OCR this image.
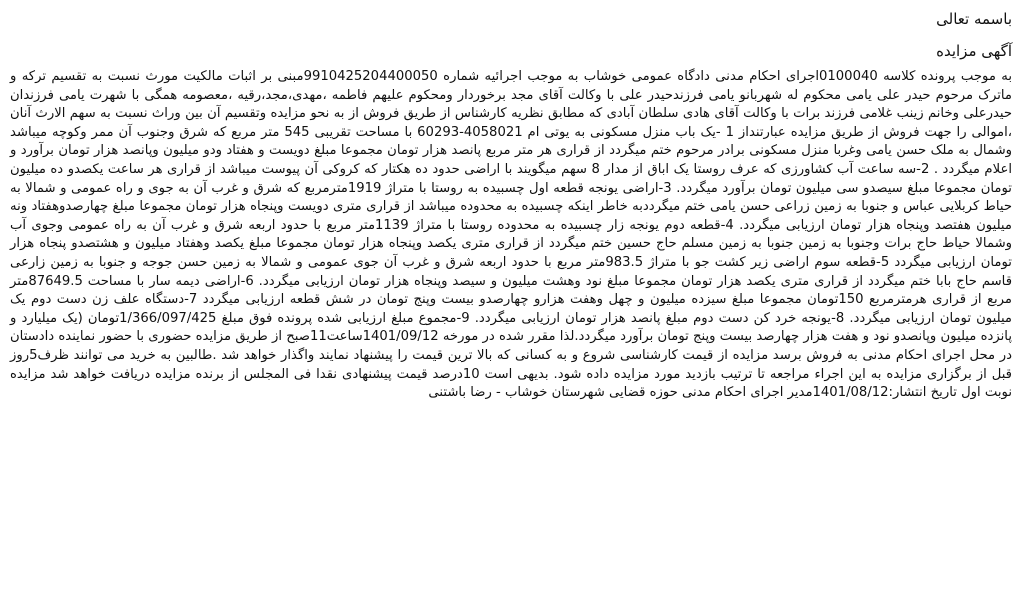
باسمه تعالی

آگهی مزایده

به موجب پرونده کلاسه 0100040اجرای احکام مدنی دادگاه عمومی خوشاب به موجب اجرائیه شماره 9910425204400050مبنی بر اثبات مالکیت مورث نسبت به تقسیم ترکه و ماترک مرحوم حیدر علی یامی محکوم له شهربانو یامی فرزندحیدر علی با وکالت آقای مجد برخوردار ومحکوم علیهم فاطمه ،مهدی،مجد،رقیه ،معصومه همگی با شهرت یامی فرزندان حیدرعلی وخانم زینب غلامی فرزند برات با وکالت آقای هادی سلطان آبادی که مطابق نظریه کارشناس از طریق فروش از به نحو مزایده وتقسیم آن بین وراث نسبت به سهم الارث آنان ،اموالی را جهت فروش از طریق مزایده عبارتنداز 1 -یک باب منزل مسکونی به یوتی ام 4058021-60293 با مساحت تقریبی 545 متر مربع که شرق وجنوب آن ممر وکوچه میباشد وشمال به ملک حسن یامی وغربا منزل مسکونی برادر مرحوم ختم میگردد از قراری هر متر مربع پانصد هزار تومان مجموعا مبلغ دویست و هفتاد ودو میلیون وپانصد هزار تومان برآورد و اعلام میگردد . 2-سه ساعت آب کشاورزی که عرف روستا یک اباق از مدار 8 سهم میگویند با اراضی حدود ده هکتار که کروکی آن پیوست میباشد از قراری هر ساعت یکصدو ده میلیون تومان مجموعا مبلغ سیصدو سی میلیون تومان برآورد میگردد. 3-اراضی یونجه قطعه اول چسبیده به روستا با متراژ 1919مترمربع که شرق و غرب آن به جوی و راه عمومی و شمالا به حیاط کربلایی عباس و جنوبا به زمین زراعی حسن یامی ختم میگرددبه خاطر اینکه چسبیده به محدوده میباشد از قراری متری دویست وپنجاه هزار تومان مجموعا مبلغ چهارصدوهفتاد ونه میلیون هفتصد وپنجاه هزار تومان ارزیابی میگردد. 4-قطعه دوم یونجه زار چسبیده به محدوده روستا با متراژ 1139متر مربع با حدود اربعه شرق و غرب آن به راه عمومی وجوی آب وشمالا حیاط حاج برات وجنوبا به زمین جنوبا به زمین مسلم حاج حسین ختم میگردد از قراری متری یکصد وپنجاه هزار تومان مجموعا مبلغ یکصد وهفتاد میلیون و هشتصدو پنجاه هزار تومان ارزیابی میگردد 5-قطعه سوم اراضی زیر کشت جو با متراژ 983.5متر مربع با حدود اربعه شرق و غرب آن جوی عمومی و شمالا به زمین حسن جوجه و جنوبا به زمین زارعی قاسم حاج بابا ختم میگردد از قراری متری یکصد هزار تومان مجموعا مبلغ نود وهشت میلیون و سیصد وپنجاه هزار تومان ارزیابی میگردد. 6-اراضی دیمه سار با مساحت 87649.5متر مربع از قراری هرمترمربع 150تومان مجموعا مبلغ سیزده میلیون و چهل وهفت هزارو چهارصدو بیست وپنج تومان در شش قطعه ارزیابی میگردد 7-دستگاه علف زن دست دوم یک میلیون تومان ارزیابی میگردد. 8-یونجه خرد کن دست دوم مبلغ پانصد هزار تومان ارزیابی میگردد. 9-مجموع مبلغ ارزیابی شده پرونده فوق مبلغ 1/366/097/425تومان (یک میلیارد و پانزده میلیون وپانصدو نود و هفت هزار چهارصد بیست وپنج تومان برآورد میگردد.لذا مقرر شده در مورخه 1401/09/12ساعت11صبح از طریق مزایده حضوری با حضور نماینده دادستان در محل اجرای احکام مدنی به فروش برسد مزایده از قیمت کارشناسی شروع و به کسانی که بالا ترین قیمت را پیشنهاد نمایند واگذار خواهد شد .طالبین به خرید می توانند ظرف5روز قبل از برگزاری مزایده به این اجراء مراجعه تا ترتیب بازدید مورد مزایده داده شود. بدیهی است 10درصد قیمت پیشنهادی نقدا فی المجلس از برنده مزایده دریافت خواهد شد مزایده نوبت اول تاریخ انتشار:1401/08/12مدیر اجرای احکام مدنی حوزه قضایی شهرستان خوشاب - رضا باشتنی
